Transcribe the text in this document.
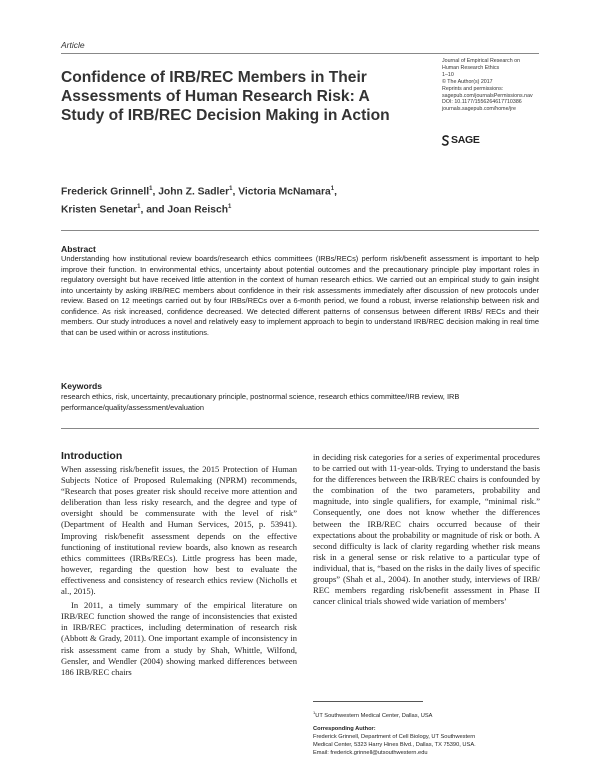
Article
Confidence of IRB/REC Members in Their Assessments of Human Research Risk: A Study of IRB/REC Decision Making in Action
Journal of Empirical Research on
Human Research Ethics
1–10
© The Author(s) 2017
Reprints and permissions:
sagepub.com/journalsPermissions.nav
DOI: 10.1177/1556264617710386
journals.sagepub.com/home/jre
SAGE
Frederick Grinnell$^1$, John Z. Sadler$^1$, Victoria McNamara$^1$,
Kristen Senetar$^1$, and Joan Reisch$^1$
Abstract
Understanding how institutional review boards/research ethics committees (IRBs/RECs) perform risk/benefit assessment is important to help improve their function. In environmental ethics, uncertainty about potential outcomes and the precautionary principle play important roles in regulatory oversight but have received little attention in the context of human research ethics. We carried out an empirical study to gain insight into uncertainty by asking IRB/REC members about confidence in their risk assessments immediately after discussion of new protocols under review. Based on 12 meetings carried out by four IRBs/RECs over a 6-month period, we found a robust, inverse relationship between risk and confidence. As risk increased, confidence decreased. We detected different patterns of consensus between different IRBs/ RECs and their members. Our study introduces a novel and relatively easy to implement approach to begin to understand IRB/REC decision making in real time that can be used within or across institutions.
Keywords
research ethics, risk, uncertainty, precautionary principle, postnormal science, research ethics committee/IRB review, IRB performance/quality/assessment/evaluation
Introduction

When assessing risk/benefit issues, the 2015 Protection of Human Subjects Notice of Proposed Rulemaking (NPRM) recommends, “Research that poses greater risk should receive more attention and deliberation than less risky research, and the degree and type of oversight should be commensurate with the level of risk” (Department of Health and Human Services, 2015, p. 53941). Improving risk/benefit assessment depends on the effective functioning of institutional review boards, also known as research ethics committees (IRBs/RECs). Little progress has been made, however, regarding the question how best to evaluate the effectiveness and consistency of research ethics review (Nicholls et al., 2015).

In 2011, a timely summary of the empirical literature on IRB/REC function showed the range of inconsistencies that existed in IRB/REC practices, including determination of research risk (Abbott & Grady, 2011). One important example of inconsistency in risk assessment came from a study by Shah, Whittle, Wilfond, Gensler, and Wendler (2004) showing marked differences between 186 IRB/REC chairs

in deciding risk categories for a series of experimental procedures to be carried out with 11-year-olds. Trying to understand the basis for the differences between the IRB/REC chairs is confounded by the combination of the two parameters, probability and magnitude, into single qualifiers, for example, “minimal risk.” Consequently, one does not know whether the differences between the IRB/REC chairs occurred because of their expectations about the probability or magnitude of risk or both. A second difficulty is lack of clarity regarding whether risk means risk in a general sense or risk relative to a particular type of individual, that is, “based on the risks in the daily lives of specific groups” (Shah et al., 2004). In another study, interviews of IRB/ REC members regarding risk/benefit assessment in Phase II cancer clinical trials showed wide variation of members’

$^1$UT Southwestern Medical Center, Dallas, USA
Corresponding Author:
Frederick Grinnell, Department of Cell Biology, UT Southwestern
Medical Center, 5323 Harry Hines Blvd., Dallas, TX 75390, USA.
Email: frederick.grinnell@utsouthwestern.edu
